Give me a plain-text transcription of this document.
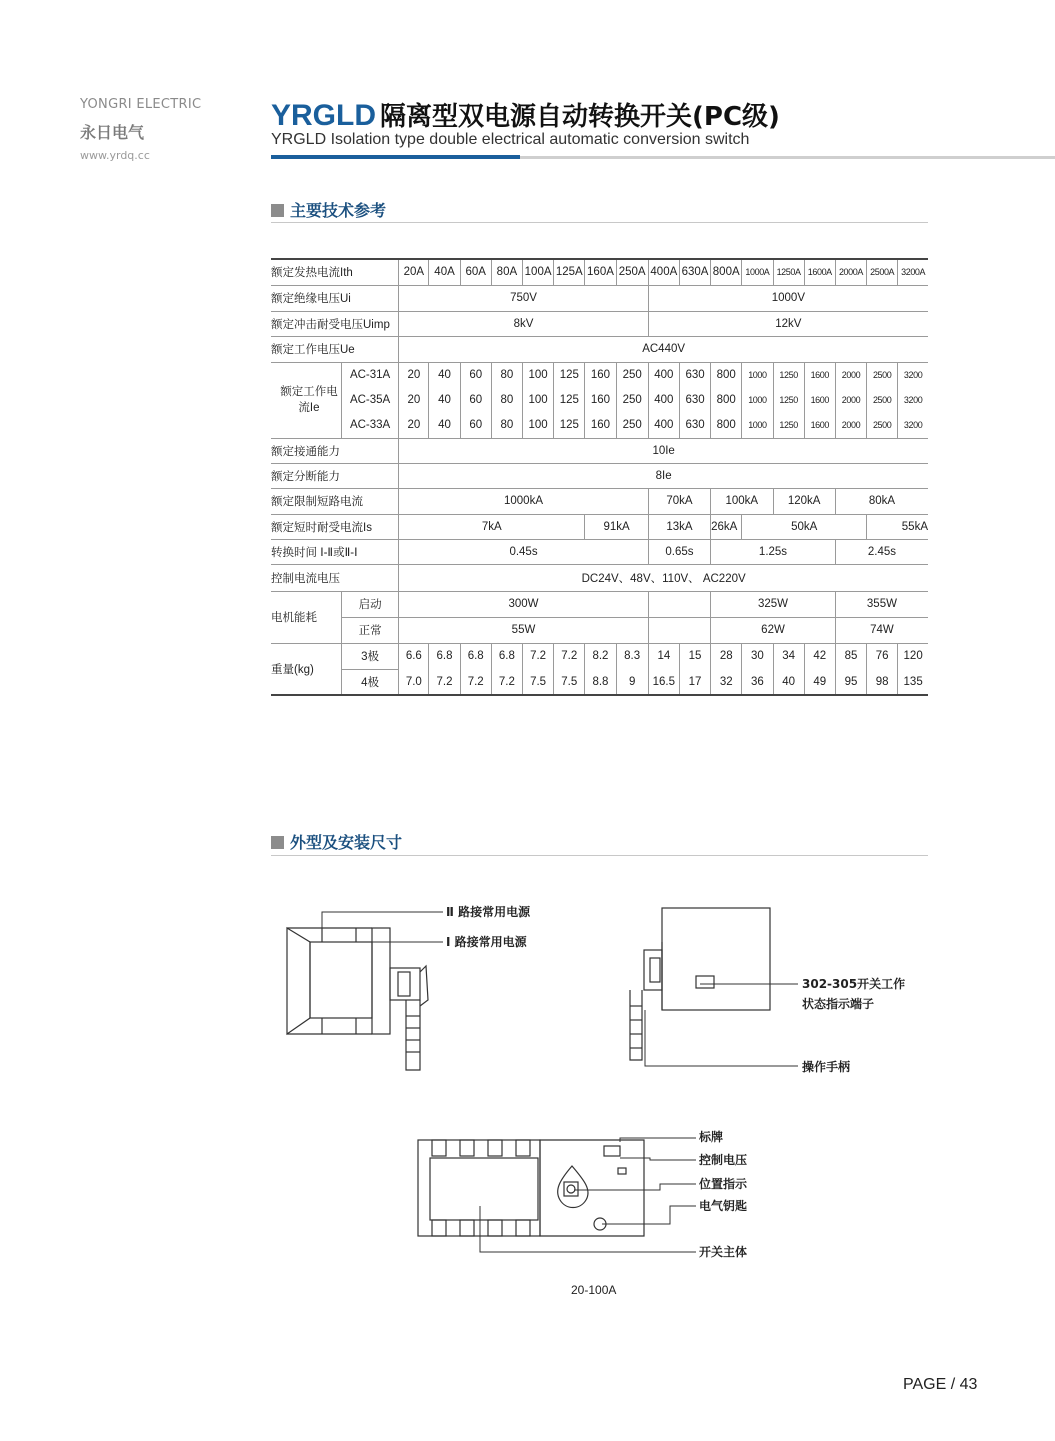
YONGRI ELECTRIC
永日电气
www.yrdq.cc
YRGLD 隔离型双电源自动转换开关(PC级)
YRGLD Isolation type double electrical automatic conversion switch
主要技术参考
额定发热电流Ith		20A	40A	60A	80A	100A	125A	160A	250A	400A	630A	800A	1000A	1250A	1600A	2000A	2500A	3200A
额定绝缘电压Ui		750V								1000V								
额定冲击耐受电压Uimp		8kV								12kV								
额定工作电压Ue		AC440V																
额定工作电流Ie	AC-31A	20	40	60	80	100	125	160	250	400	630	800	1000	1250	1600	2000	2500	3200
	AC-35A	20	40	60	80	100	125	160	250	400	630	800	1000	1250	1600	2000	2500	3200
	AC-33A	20	40	60	80	100	125	160	250	400	630	800	1000	1250	1600	2000	2500	3200
额定接通能力		10Ie																
额定分断能力		8Ie																
额定限制短路电流		1000kA								70kA		100kA		120kA		80kA		
额定短时耐受电流Is		7kA						91kA		13kA		26kA	50kA				55kA	
转换时间 Ⅰ-Ⅱ或Ⅱ-Ⅰ		0.45s								0.65s		1.25s				2.45s		
控制电流电压		DC24V、48V、110V、 AC220V																
电机能耗	启动	300W										325W				355W		
	正常	55W										62W				74W		
重量(kg)	3极	6.6	6.8	6.8	6.8	7.2	7.2	8.2	8.3	14	15	28	30	34	42	85	76	120
	4极	7.0	7.2	7.2	7.2	7.5	7.5	8.8	9	16.5	17	32	36	40	49	95	98	135
外型及安装尺寸
Ⅱ 路接常用电源
Ⅰ 路接常用电源
302-305开关工作
状态指示端子
操作手柄
标牌
控制电压
位置指示
电气钥匙
开关主体
20-100A
PAGE / 43
